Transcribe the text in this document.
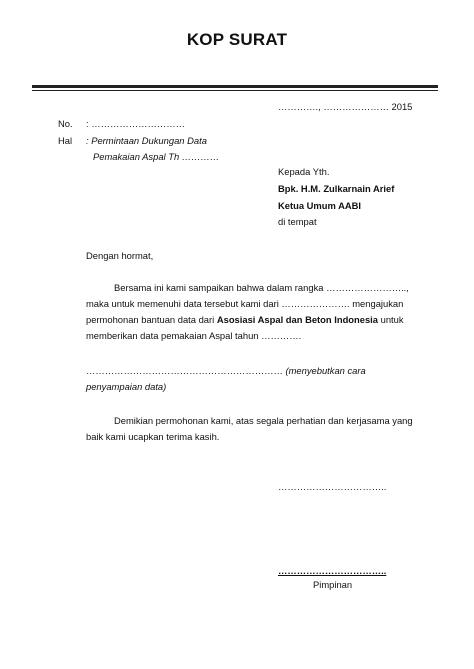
KOP SURAT
…………., ………………… 2015
No. : …………………………
Hal : Permintaan Dukungan Data
Pemakaian Aspal Th …………
Kepada Yth.
Bpk. H.M. Zulkarnain Arief
Ketua Umum AABI
di tempat
Dengan hormat,
Bersama ini kami sampaikan bahwa dalam rangka …………………….., maka untuk memenuhi data tersebut kami dari …………………. mengajukan permohonan bantuan data dari Asosiasi Aspal dan Beton Indonesia untuk memberikan data pemakaian Aspal tahun ………….
……………………………………………………… (menyebutkan cara penyampaian data)
Demikian permohonan kami, atas segala perhatian dan kerjasama yang baik kami ucapkan terima kasih.
……………………………..
……………………………..
Pimpinan
